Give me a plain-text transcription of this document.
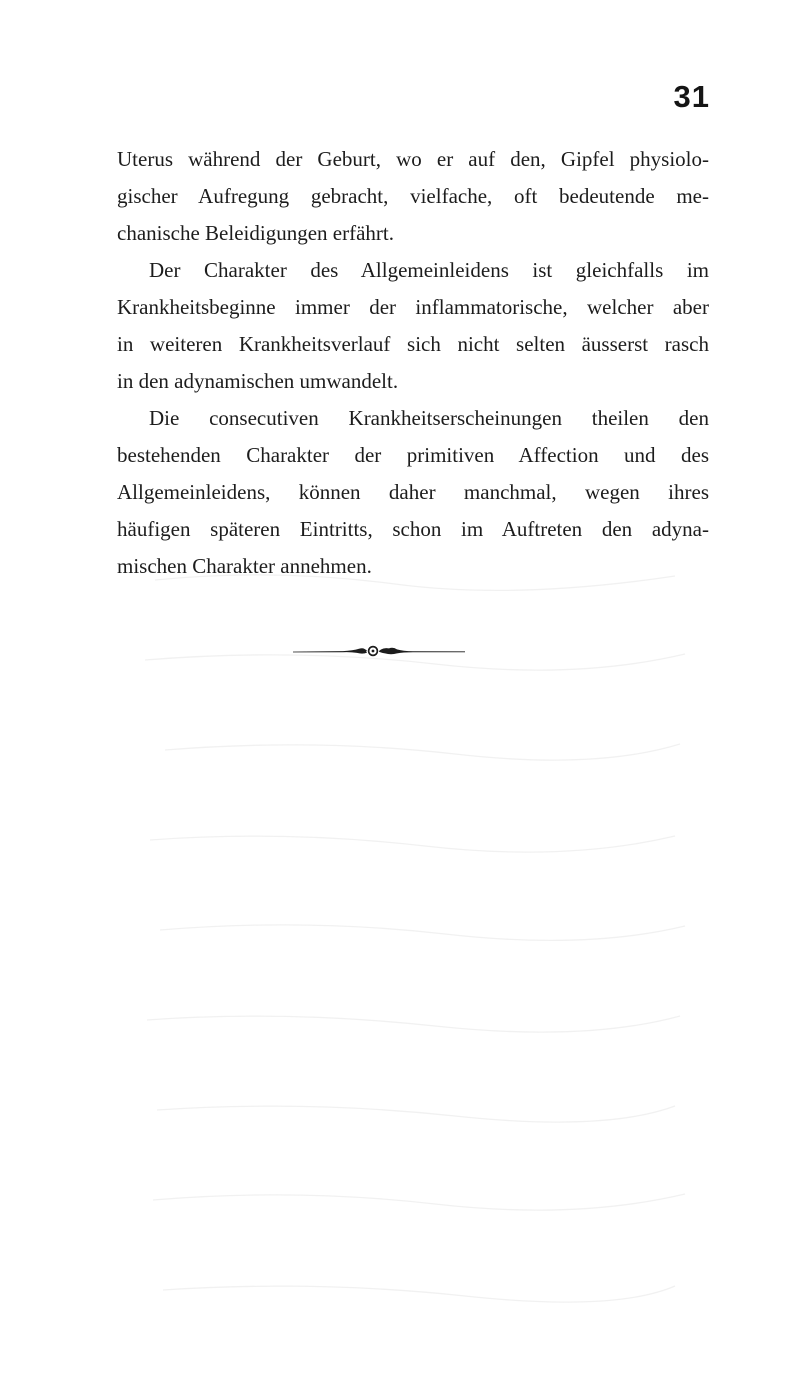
31
Uterus während der Geburt, wo er auf den, Gipfel physiolo-
gischer Aufregung gebracht, vielfache, oft bedeutende me-
chanische Beleidigungen erfährt.
Der Charakter des Allgemeinleidens ist gleichfalls im
Krankheitsbeginne immer der inflammatorische, welcher aber
in weiteren Krankheitsverlauf sich nicht selten äusserst rasch
in den adynamischen umwandelt.
Die consecutiven Krankheitserscheinungen theilen den
bestehenden Charakter der primitiven Affection und des
Allgemeinleidens, können daher manchmal, wegen ihres
häufigen späteren Eintritts, schon im Auftreten den adyna-
mischen Charakter annehmen.
